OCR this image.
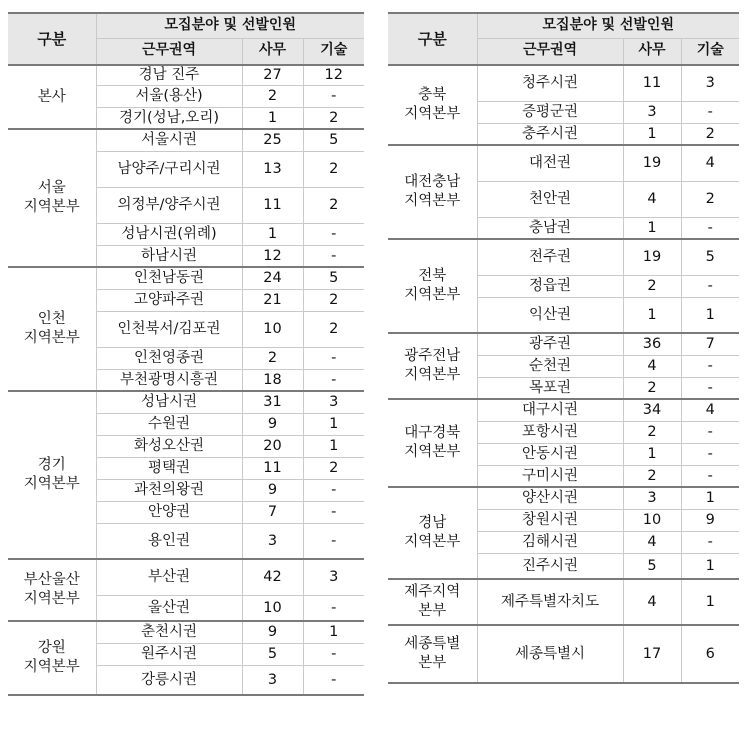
구분	모집분야 및 선발인원		
	근무권역	사무	기술
본사	경남 진주	27	12
	서울(용산)	2	-
	경기(성남,오리)	1	2
서울
지역본부	서울시권	25	5
	남양주/구리시권	13	2
	의정부/양주시권	11	2
	성남시권(위례)	1	-
	하남시권	12	-
인천
지역본부	인천남동권	24	5
	고양파주권	21	2
	인천북서/김포권	10	2
	인천영종권	2	-
	부천광명시흥권	18	-
경기
지역본부	성남시권	31	3
	수원권	9	1
	화성오산권	20	1
	평택권	11	2
	과천의왕권	9	-
	안양권	7	-
	용인권	3	-
부산울산
지역본부	부산권	42	3
	울산권	10	-
강원
지역본부	춘천시권	9	1
	원주시권	5	-
	강릉시권	3	-
구분	모집분야 및 선발인원		
	근무권역	사무	기술
충북
지역본부	청주시권	11	3
	증평군권	3	-
	충주시권	1	2
대전충남
지역본부	대전권	19	4
	천안권	4	2
	충남권	1	-
전북
지역본부	전주권	19	5
	정읍권	2	-
	익산권	1	1
광주전남
지역본부	광주권	36	7
	순천권	4	-
	목포권	2	-
대구경북
지역본부	대구시권	34	4
	포항시권	2	-
	안동시권	1	-
	구미시권	2	-
경남
지역본부	양산시권	3	1
	창원시권	10	9
	김해시권	4	-
	진주시권	5	1
제주지역
본부	제주특별자치도	4	1
세종특별
본부	세종특별시	17	6
